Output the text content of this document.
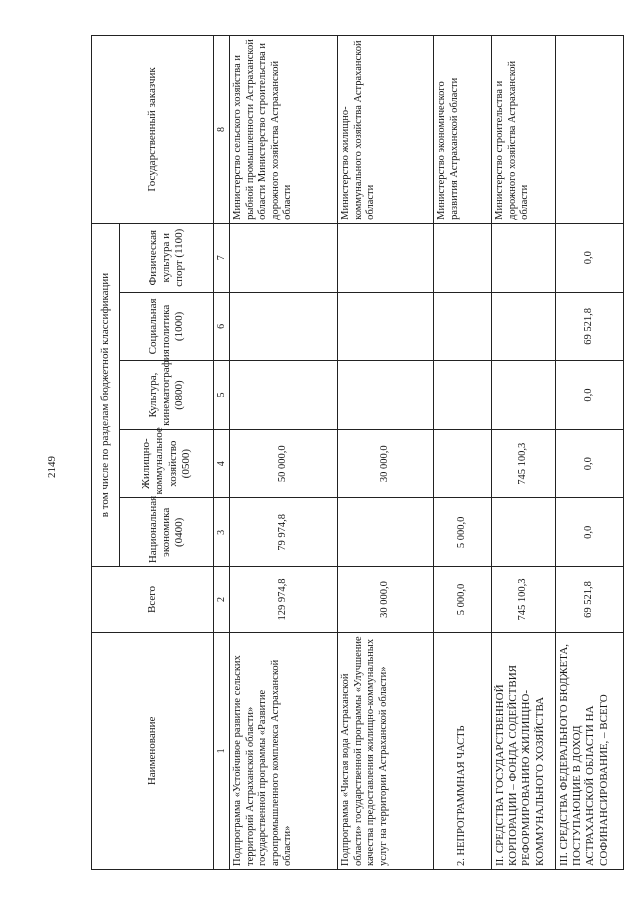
2149
Наименование	Всего	в том числе по разделам бюджетной классификации					Государственный заказчик
		Национальная экономика (0400)	Жилищно-коммунальное хозяйство (0500)	Культура, кинематография (0800)	Социальная политика (1000)	Физическая культура и спорт (1100)	
1	2	3	4	5	6	7	8
Подпрограмма «Устойчивое развитие сельских территорий Астраханской области» государственной программы «Развитие агропромышленного комплекса Астраханской области»	129 974,8	79 974,8	50 000,0				Министерство сельского хозяйства и рыбной промышленности Астраханской области Министерство строительства и дорожного хозяйства Астраханской области
Подпрограмма «Чистая вода Астраханской области» государственной программы «Улучшение качества предоставления жилищно-коммунальных услуг на территории Астраханской области»	30 000,0		30 000,0				Министерство жилищно-коммунального хозяйства Астраханской области
2. НЕПРОГРАММНАЯ ЧАСТЬ	5 000,0	5 000,0					Министерство экономического развития Астраханской области
II. СРЕДСТВА ГОСУДАРСТВЕННОЙ КОРПОРАЦИИ – ФОНДА СОДЕЙСТВИЯ РЕФОРМИРОВАНИЮ ЖИЛИЩНО-КОММУНАЛЬНОГО ХОЗЯЙСТВА	745 100,3		745 100,3				Министерство строительства и дорожного хозяйства Астраханской области
III. СРЕДСТВА ФЕДЕРАЛЬНОГО БЮДЖЕТА, ПОСТУПАЮЩИЕ В ДОХОД АСТРАХАНСКОЙ ОБЛАСТИ НА СОФИНАНСИРОВАНИЕ, – ВСЕГО	69 521,8	0,0	0,0	0,0	69 521,8	0,0	
